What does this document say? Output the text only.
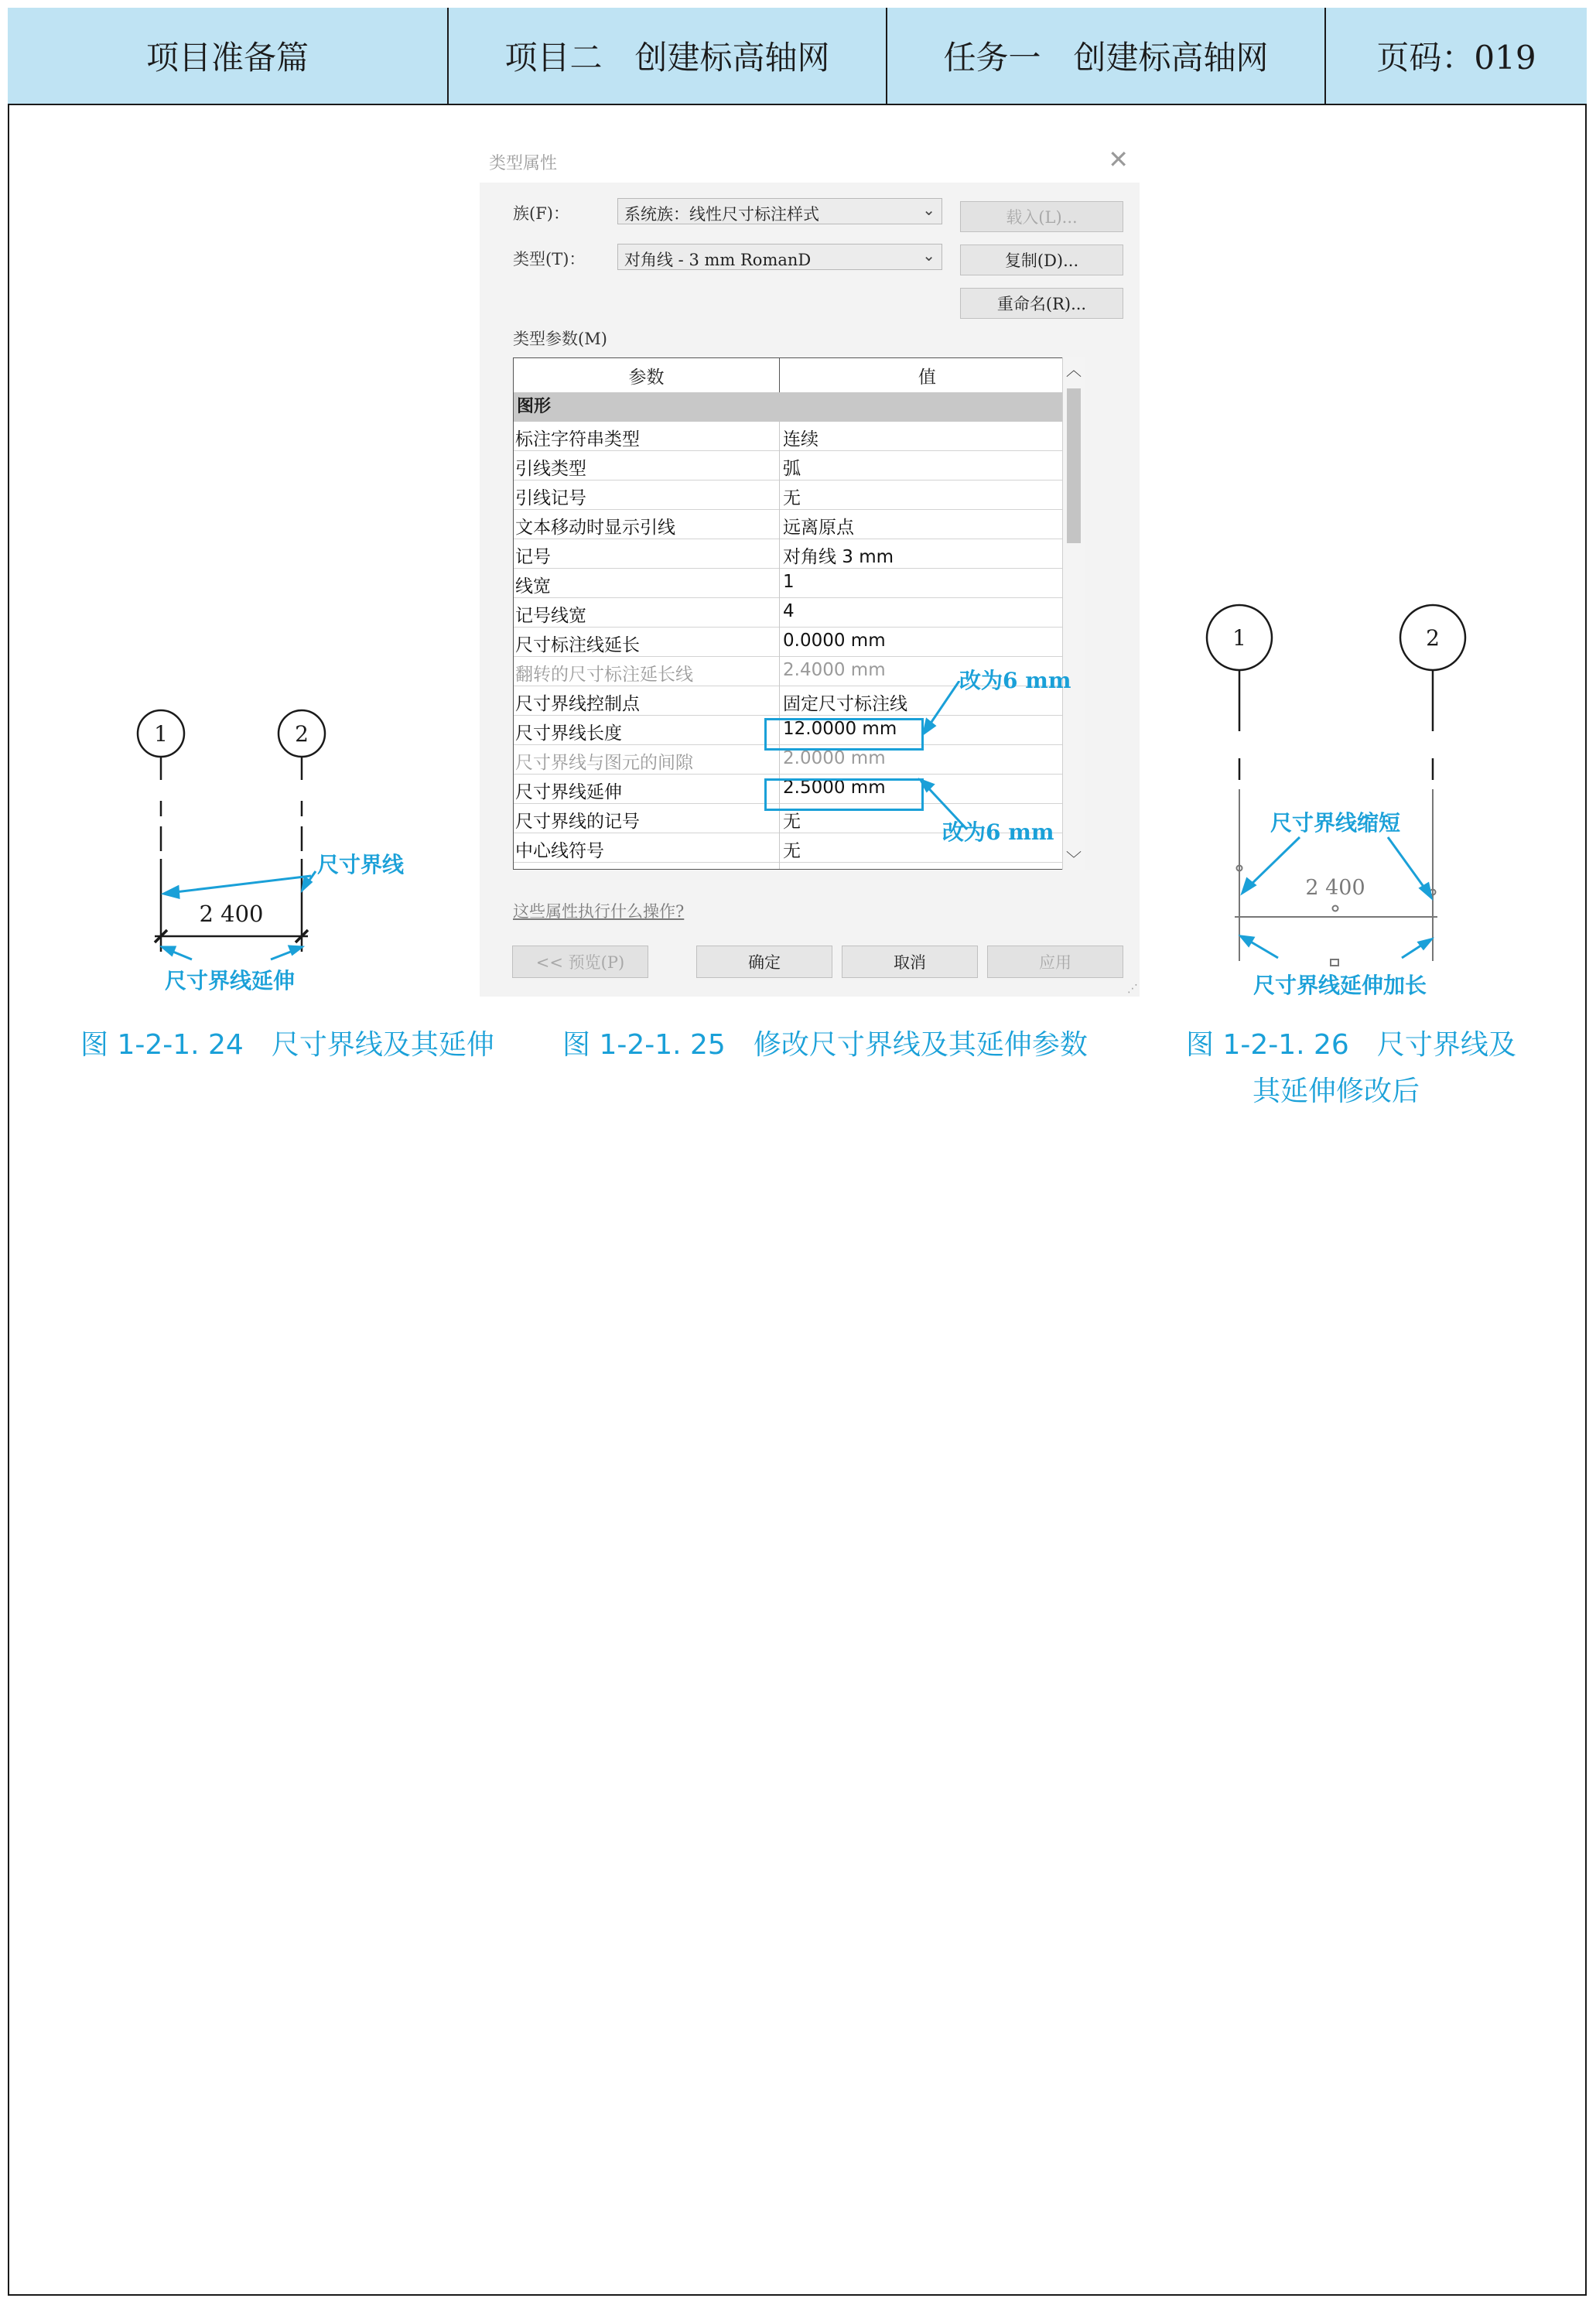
项目准备篇	项目二　创建标高轴网	任务一　创建标高轴网	页码：019
1	2
2 400
尺寸界线
尺寸界线延伸
图 1-2-1. 24　尺寸界线及其延伸
类型属性	✕
族(F)：	系统族：线性尺寸标注样式	⌄	载入(L)...
类型(T)：	对角线 - 3 mm RomanD	⌄	复制(D)...
重命名(R)...
类型参数(M)
参数	值
图形
标注字符串类型	连续
引线类型	弧
引线记号	无
文本移动时显示引线	远离原点
记号	对角线 3 mm
线宽	1
记号线宽	4
尺寸标注线延长	0.0000 mm
翻转的尺寸标注延长线	2.4000 mm
尺寸界线控制点	固定尺寸标注线
尺寸界线长度	12.0000 mm
尺寸界线与图元的间隙	2.0000 mm
尺寸界线延伸	2.5000 mm
尺寸界线的记号	无
中心线符号	无
︿
﹀
这些属性执行什么操作?
<< 预览(P)	确定	取消	应用
⋰
改为6 mm
改为6 mm
图 1-2-1. 25　修改尺寸界线及其延伸参数
2 400
1	2
尺寸界线缩短
尺寸界线延伸加长
图 1-2-1. 26　尺寸界线及
其延伸修改后
